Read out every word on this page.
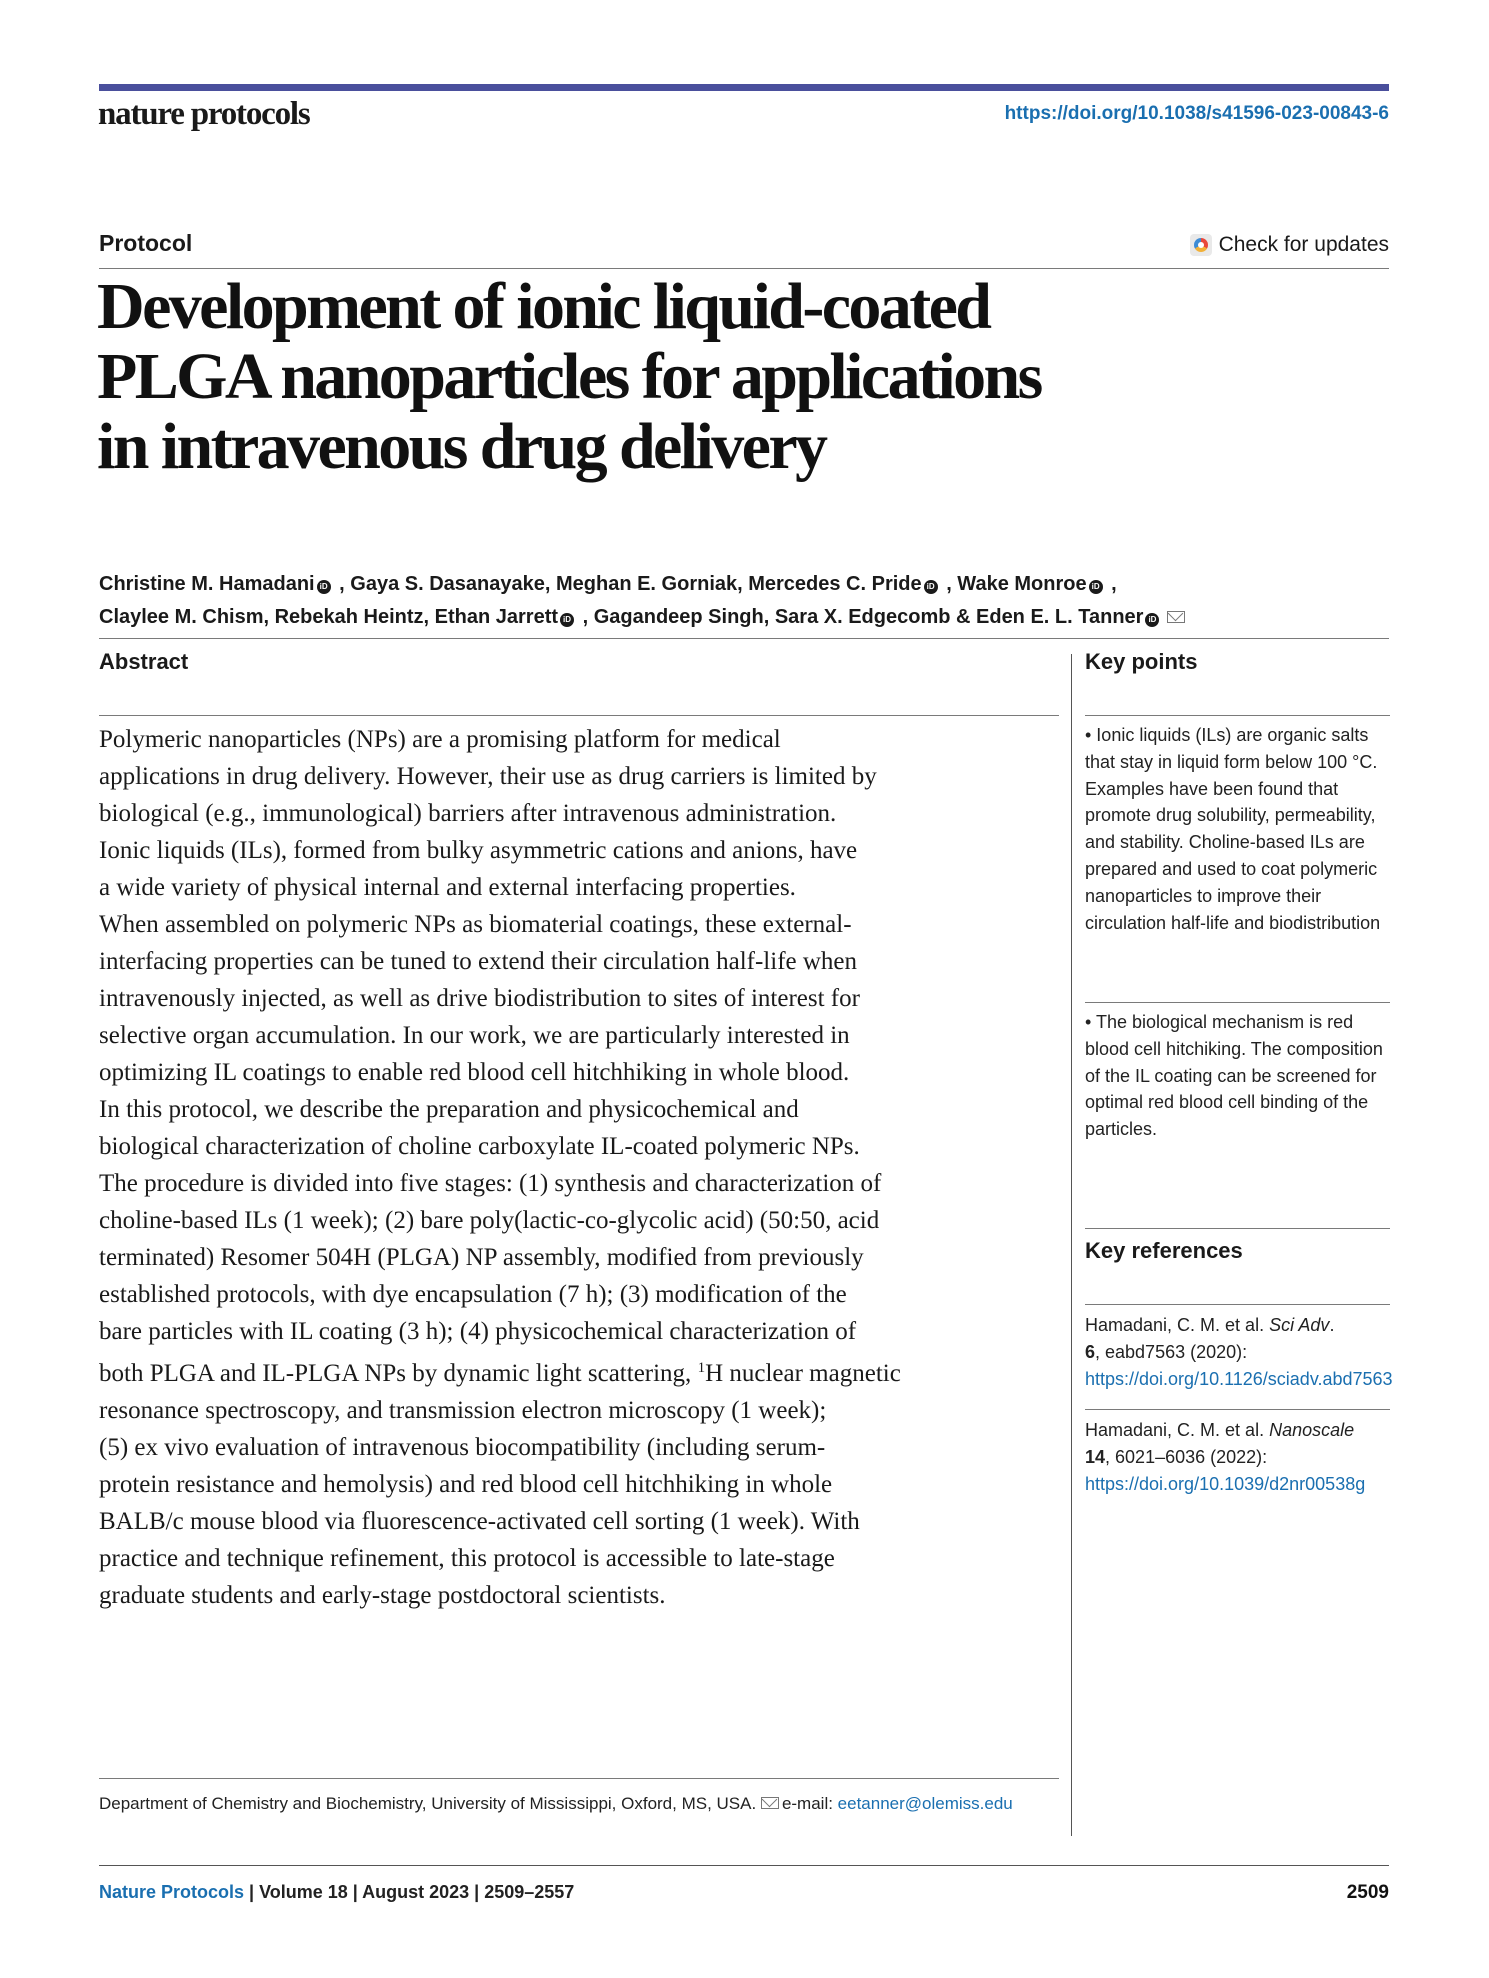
nature protocols	https://doi.org/10.1038/s41596-023-00843-6
Protocol	Check for updates
Development of ionic liquid-coated
PLGA nanoparticles for applications
in intravenous drug delivery
Christine M. Hamadani iD , Gaya S. Dasanayake, Meghan E. Gorniak, Mercedes C. Pride iD , Wake Monroe iD ,
Claylee M. Chism, Rebekah Heintz, Ethan Jarrett iD , Gagandeep Singh, Sara X. Edgecomb & Eden E. L. Tanner iD
Abstract
Polymeric nanoparticles (NPs) are a promising platform for medical
applications in drug delivery. However, their use as drug carriers is limited by
biological (e.g., immunological) barriers after intravenous administration.
Ionic liquids (ILs), formed from bulky asymmetric cations and anions, have
a wide variety of physical internal and external interfacing properties.
When assembled on polymeric NPs as biomaterial coatings, these external-
interfacing properties can be tuned to extend their circulation half-life when
intravenously injected, as well as drive biodistribution to sites of interest for
selective organ accumulation. In our work, we are particularly interested in
optimizing IL coatings to enable red blood cell hitchhiking in whole blood.
In this protocol, we describe the preparation and physicochemical and
biological characterization of choline carboxylate IL-coated polymeric NPs.
The procedure is divided into five stages: (1) synthesis and characterization of
choline-based ILs (1 week); (2) bare poly(lactic-co-glycolic acid) (50:50, acid
terminated) Resomer 504H (PLGA) NP assembly, modified from previously
established protocols, with dye encapsulation (7 h); (3) modification of the
bare particles with IL coating (3 h); (4) physicochemical characterization of
both PLGA and IL-PLGA NPs by dynamic light scattering, $^1$H nuclear magnetic
resonance spectroscopy, and transmission electron microscopy (1 week);
(5) ex vivo evaluation of intravenous biocompatibility (including serum-
protein resistance and hemolysis) and red blood cell hitchhiking in whole
BALB/c mouse blood via fluorescence-activated cell sorting (1 week). With
practice and technique refinement, this protocol is accessible to late-stage
graduate students and early-stage postdoctoral scientists.
Key points
• Ionic liquids (ILs) are organic salts that stay in liquid form below 100 °C. Examples have been found that promote drug solubility, permeability, and stability. Choline-based ILs are prepared and used to coat polymeric nanoparticles to improve their circulation half-life and biodistribution
• The biological mechanism is red blood cell hitchiking. The composition of the IL coating can be screened for optimal red blood cell binding of the particles.
Key references
Hamadani, C. M. et al. Sci Adv.
6, eabd7563 (2020): https://doi.org/10.1126/sciadv.abd7563
Hamadani, C. M. et al. Nanoscale
14, 6021–6036 (2022): https://doi.org/10.1039/d2nr00538g
Department of Chemistry and Biochemistry, University of Mississippi, Oxford, MS, USA. e-mail: eetanner@olemiss.edu
Nature Protocols | Volume 18 | August 2023 | 2509–2557	2509
